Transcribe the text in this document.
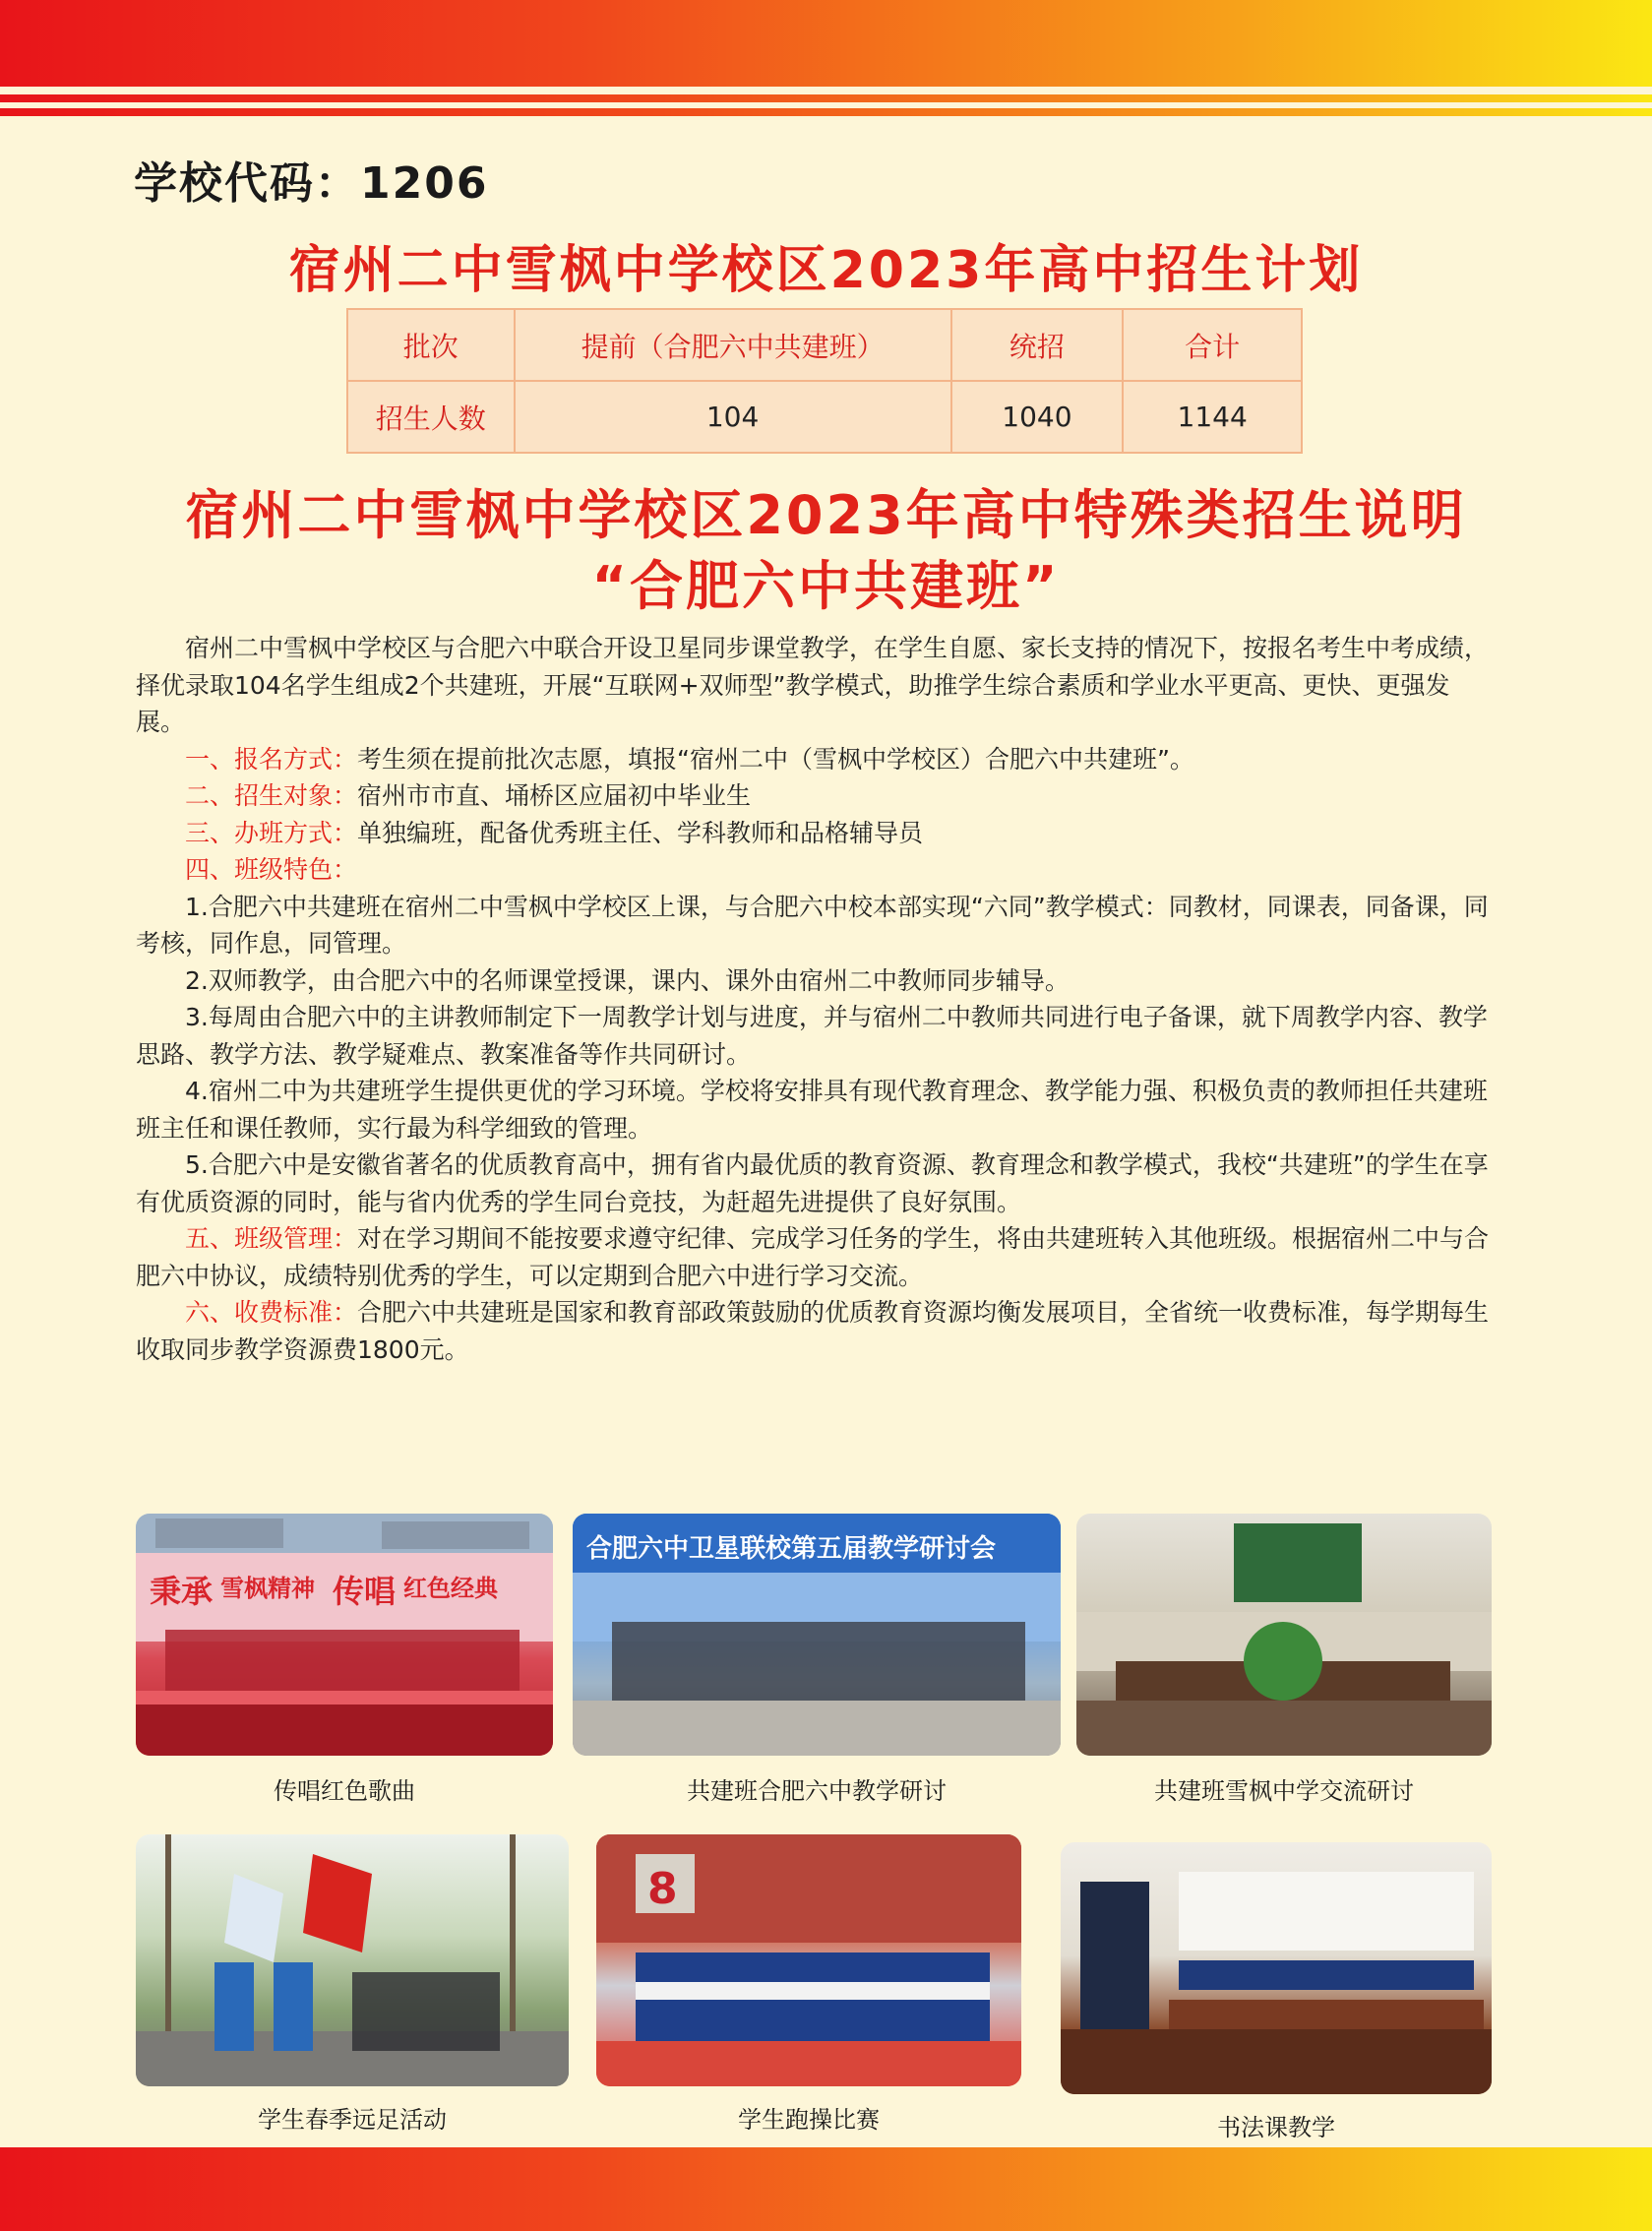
学校代码：1206
宿州二中雪枫中学校区2023年高中招生计划
批次	提前（合肥六中共建班）	统招	合计
招生人数	104	1040	1144
宿州二中雪枫中学校区2023年高中特殊类招生说明
“合肥六中共建班”

宿州二中雪枫中学校区与合肥六中联合开设卫星同步课堂教学，在学生自愿、家长支持的情况下，按报名考生中考成绩，择优录取104名学生组成2个共建班，开展“互联网+双师型”教学模式，助推学生综合素质和学业水平更高、更快、更强发展。

一、报名方式：考生须在提前批次志愿，填报“宿州二中（雪枫中学校区）合肥六中共建班”。

二、招生对象：宿州市市直、埇桥区应届初中毕业生

三、办班方式：单独编班，配备优秀班主任、学科教师和品格辅导员

四、班级特色：

1.合肥六中共建班在宿州二中雪枫中学校区上课，与合肥六中校本部实现“六同”教学模式：同教材，同课表，同备课，同考核，同作息，同管理。

2.双师教学，由合肥六中的名师课堂授课，课内、课外由宿州二中教师同步辅导。

3.每周由合肥六中的主讲教师制定下一周教学计划与进度，并与宿州二中教师共同进行电子备课，就下周教学内容、教学思路、教学方法、教学疑难点、教案准备等作共同研讨。

4.宿州二中为共建班学生提供更优的学习环境。学校将安排具有现代教育理念、教学能力强、积极负责的教师担任共建班班主任和课任教师，实行最为科学细致的管理。

5.合肥六中是安徽省著名的优质教育高中，拥有省内最优质的教育资源、教育理念和教学模式，我校“共建班”的学生在享有优质资源的同时，能与省内优秀的学生同台竞技，为赶超先进提供了良好氛围。

五、班级管理：对在学习期间不能按要求遵守纪律、完成学习任务的学生，将由共建班转入其他班级。根据宿州二中与合肥六中协议，成绩特别优秀的学生，可以定期到合肥六中进行学习交流。

六、收费标准：合肥六中共建班是国家和教育部政策鼓励的优质教育资源均衡发展项目，全省统一收费标准，每学期每生收取同步教学资源费1800元。

秉承 雪枫精神 传唱 红色经典
传唱红色歌曲
合肥六中卫星联校第五届教学研讨会
共建班合肥六中教学研讨	共建班雪枫中学交流研讨
学生春季远足活动
8
学生跑操比赛	书法课教学
